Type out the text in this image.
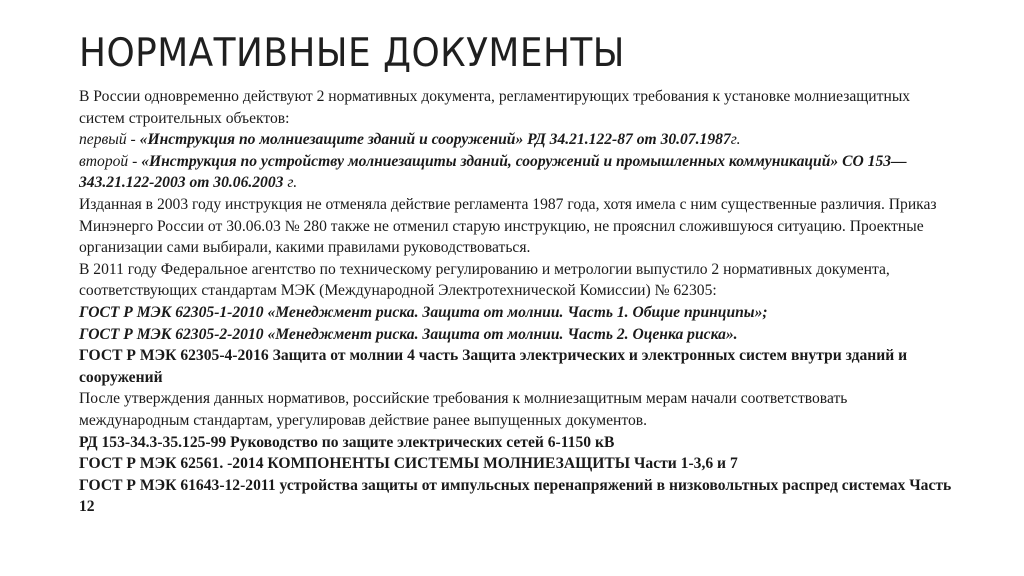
НОРМАТИВНЫЕ ДОКУМЕНТЫ

В России одновременно действуют 2 нормативных документа, регламентирующих требования к установке молниезащитных систем строительных объектов:

первый - «Инструкция по молниезащите зданий и сооружений» РД 34.21.122-87 от 30.07.1987г.

второй - «Инструкция по устройству молниезащиты зданий, сооружений и промышленных коммуникаций» СО 153—343.21.122-2003 от 30.06.2003 г.

Изданная в 2003 году инструкция не отменяла действие регламента 1987 года, хотя имела с ним существенные различия. Приказ Минэнерго России от 30.06.03 № 280 также не отменил старую инструкцию, не прояснил сложившуюся ситуацию. Проектные организации сами выбирали, какими правилами руководствоваться.

В 2011 году Федеральное агентство по техническому регулированию и метрологии выпустило 2 нормативных документа, соответствующих стандартам МЭК (Международной Электротехнической Комиссии) № 62305:

ГОСТ Р МЭК 62305-1-2010 «Менеджмент риска. Защита от молнии. Часть 1. Общие принципы»;

ГОСТ Р МЭК 62305-2-2010 «Менеджмент риска. Защита от молнии. Часть 2. Оценка риска».

ГОСТ Р МЭК 62305-4-2016 Защита от молнии 4 часть Защита электрических и электронных систем внутри зданий и сооружений

После утверждения данных нормативов, российские требования к молниезащитным мерам начали соответствовать международным стандартам, урегулировав действие ранее выпущенных документов.

РД 153-34.3-35.125-99 Руководство по защите электрических сетей 6-1150 кВ

ГОСТ Р МЭК 62561. -2014 КОМПОНЕНТЫ СИСТЕМЫ МОЛНИЕЗАЩИТЫ Части 1-3,6 и 7

ГОСТ Р МЭК 61643-12-2011 устройства защиты от импульсных перенапряжений в низковольтных распред системах Часть 12
